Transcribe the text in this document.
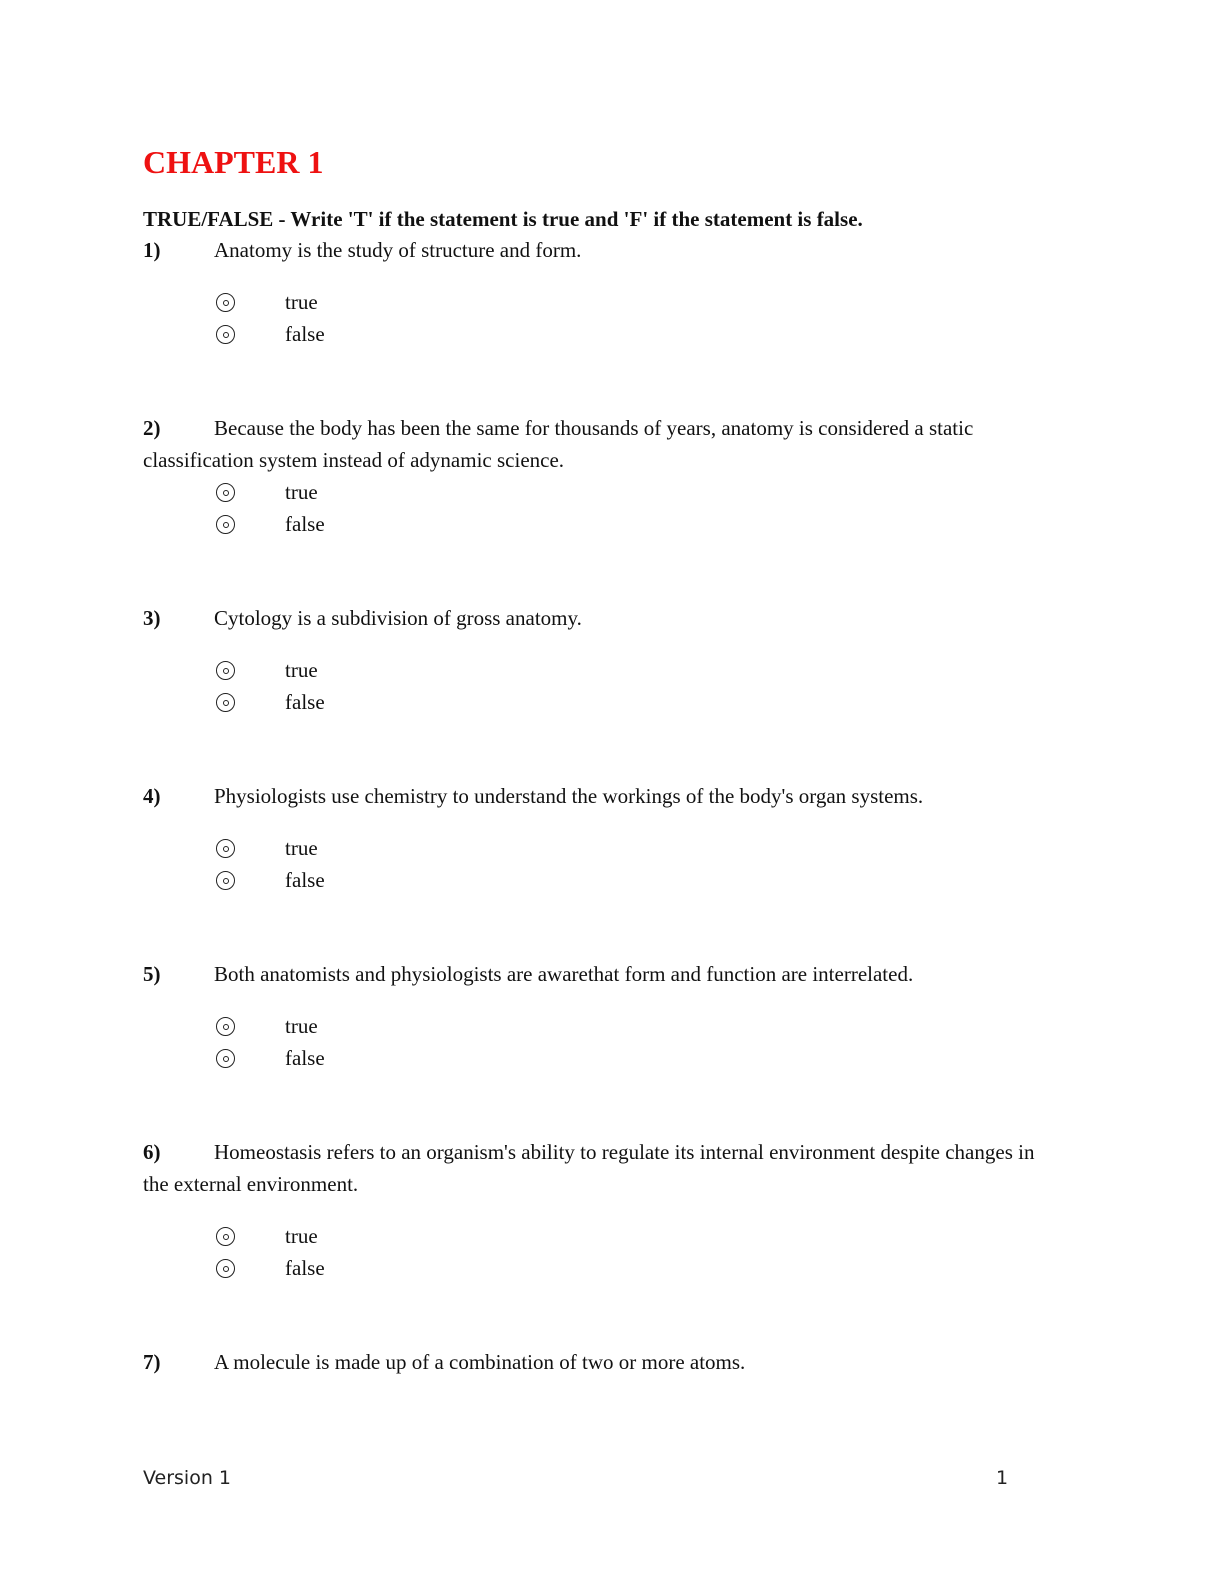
CHAPTER 1
TRUE/FALSE - Write 'T' if the statement is true and 'F' if the statement is false.
1)	Anatomy is the study of structure and form.
true
false
2)	Because the body has been the same for thousands of years, anatomy is considered a static classification system instead of adynamic science.
true
false
3)	Cytology is a subdivision of gross anatomy.
true
false
4)	Physiologists use chemistry to understand the workings of the body's organ systems.
true
false
5)	Both anatomists and physiologists are awarethat form and function are interrelated.
true
false
6)	Homeostasis refers to an organism's ability to regulate its internal environment despite changes in the external environment.
true
false
7)	A molecule is made up of a combination of two or more atoms.
Version 1	1
